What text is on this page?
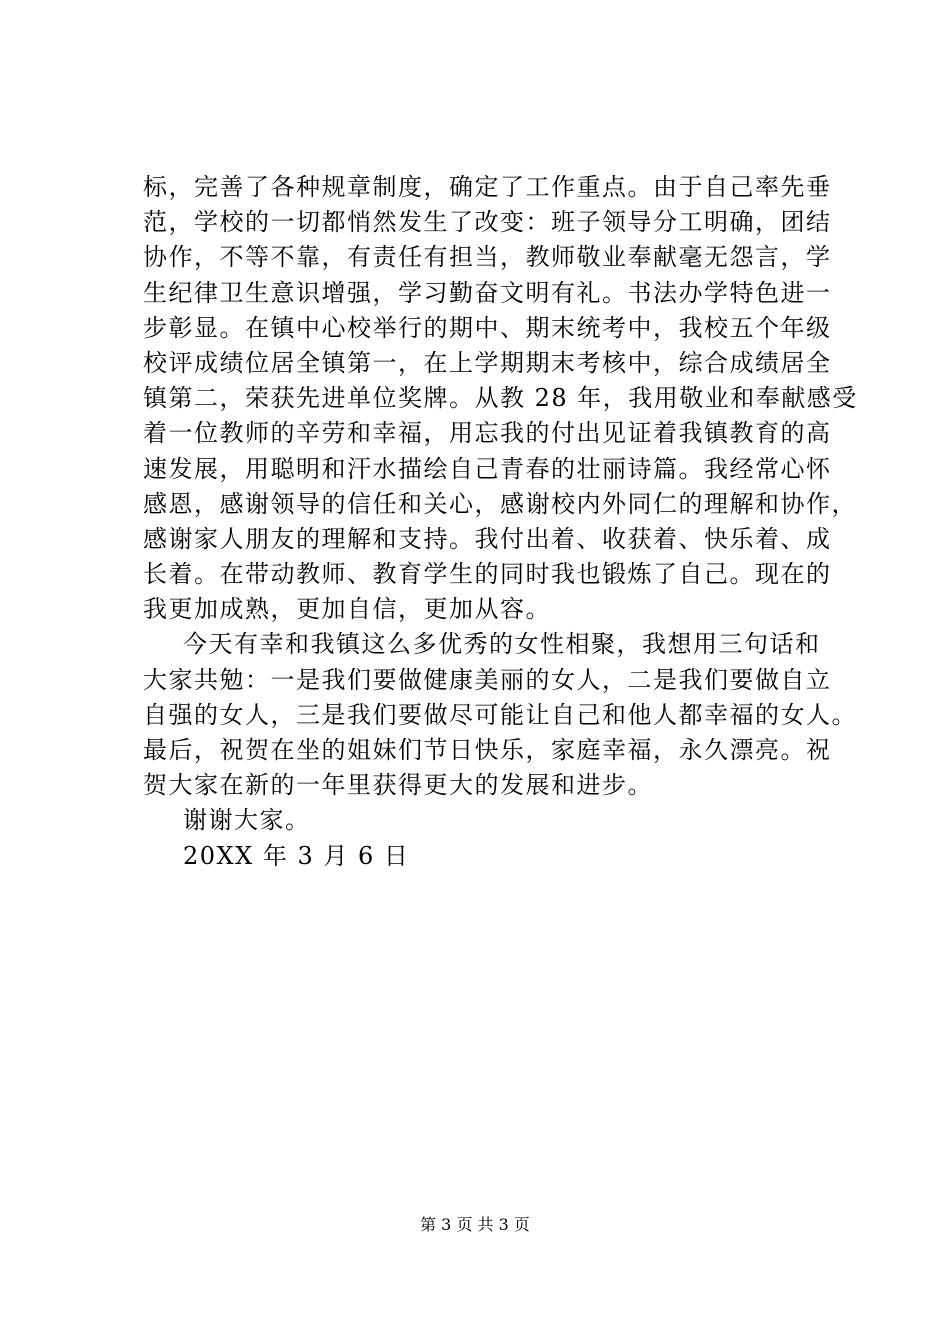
标，完善了各种规章制度，确定了工作重点。由于自己率先垂
范，学校的一切都悄然发生了改变：班子领导分工明确，团结
协作，不等不靠，有责任有担当，教师敬业奉献毫无怨言，学
生纪律卫生意识增强，学习勤奋文明有礼。书法办学特色进一
步彰显。在镇中心校举行的期中、期末统考中，我校五个年级
校评成绩位居全镇第一，在上学期期末考核中，综合成绩居全
镇第二，荣获先进单位奖牌。从教 28 年，我用敬业和奉献感受
着一位教师的辛劳和幸福，用忘我的付出见证着我镇教育的高
速发展，用聪明和汗水描绘自己青春的壮丽诗篇。我经常心怀
感恩，感谢领导的信任和关心，感谢校内外同仁的理解和协作，
感谢家人朋友的理解和支持。我付出着、收获着、快乐着、成
长着。在带动教师、教育学生的同时我也锻炼了自己。现在的
我更加成熟，更加自信，更加从容。
今天有幸和我镇这么多优秀的女性相聚，我想用三句话和
大家共勉：一是我们要做健康美丽的女人，二是我们要做自立
自强的女人，三是我们要做尽可能让自己和他人都幸福的女人。
最后，祝贺在坐的姐妹们节日快乐，家庭幸福，永久漂亮。祝
贺大家在新的一年里获得更大的发展和进步。
谢谢大家。
20XX 年 3 月 6 日
第 3 页 共 3 页
